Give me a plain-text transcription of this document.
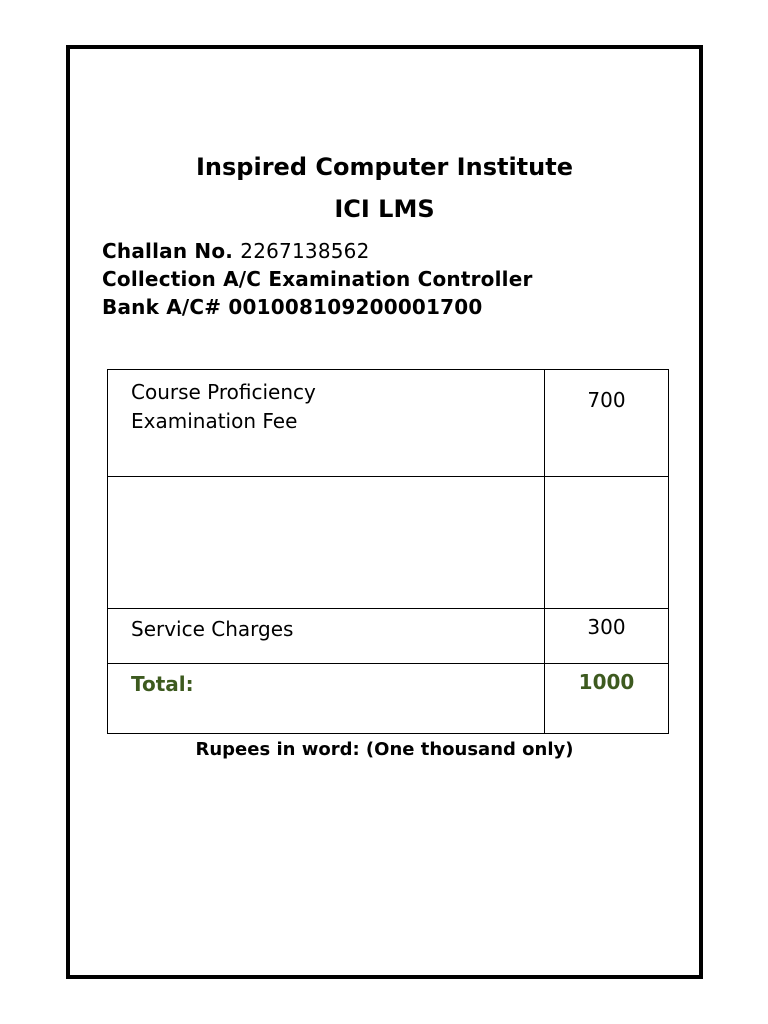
Inspired Computer Institute
ICI LMS
Challan No. 2267138562
Collection A/C Examination Controller
Bank A/C# 001008109200001700
Course Proficiency Examination Fee	700

Service Charges	300
Total:	1000

Rupees in word: (One thousand only)
